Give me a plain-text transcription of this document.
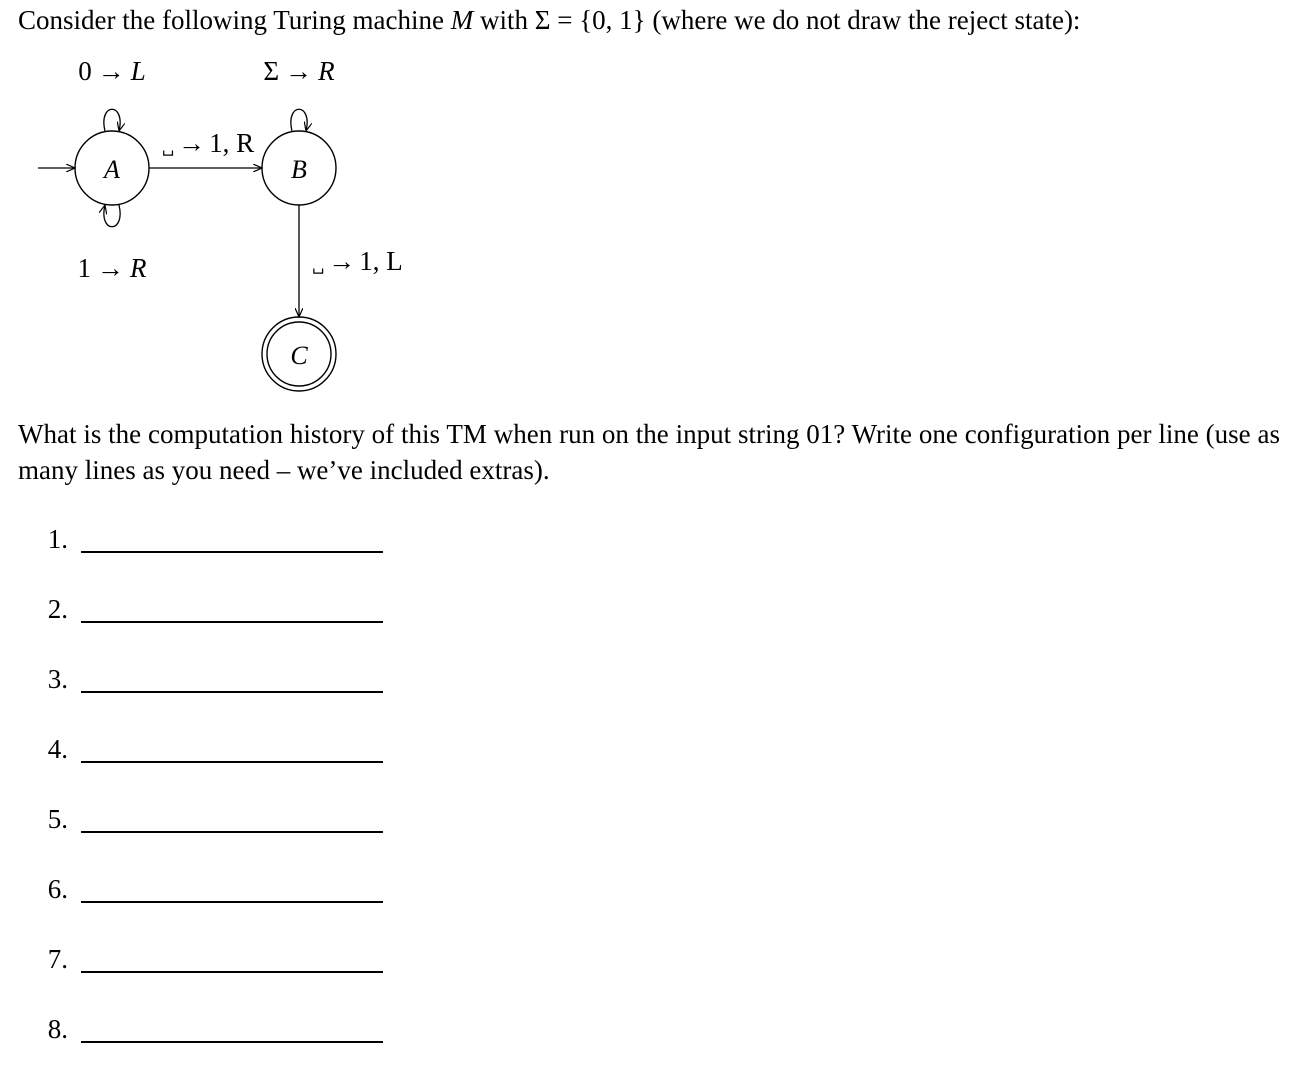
Consider the following Turing machine M with Σ = {0, 1} (where we do not draw the reject state):
A	B
C
0 → L
1 → R
␣ → 1, R
Σ → R
␣ → 1, L
What is the computation history of this TM when run on the input string 01? Write one configuration per line (use as many lines as you need – we’ve included extras).
1.
2.
3.
4.
5.
6.
7.
8.
